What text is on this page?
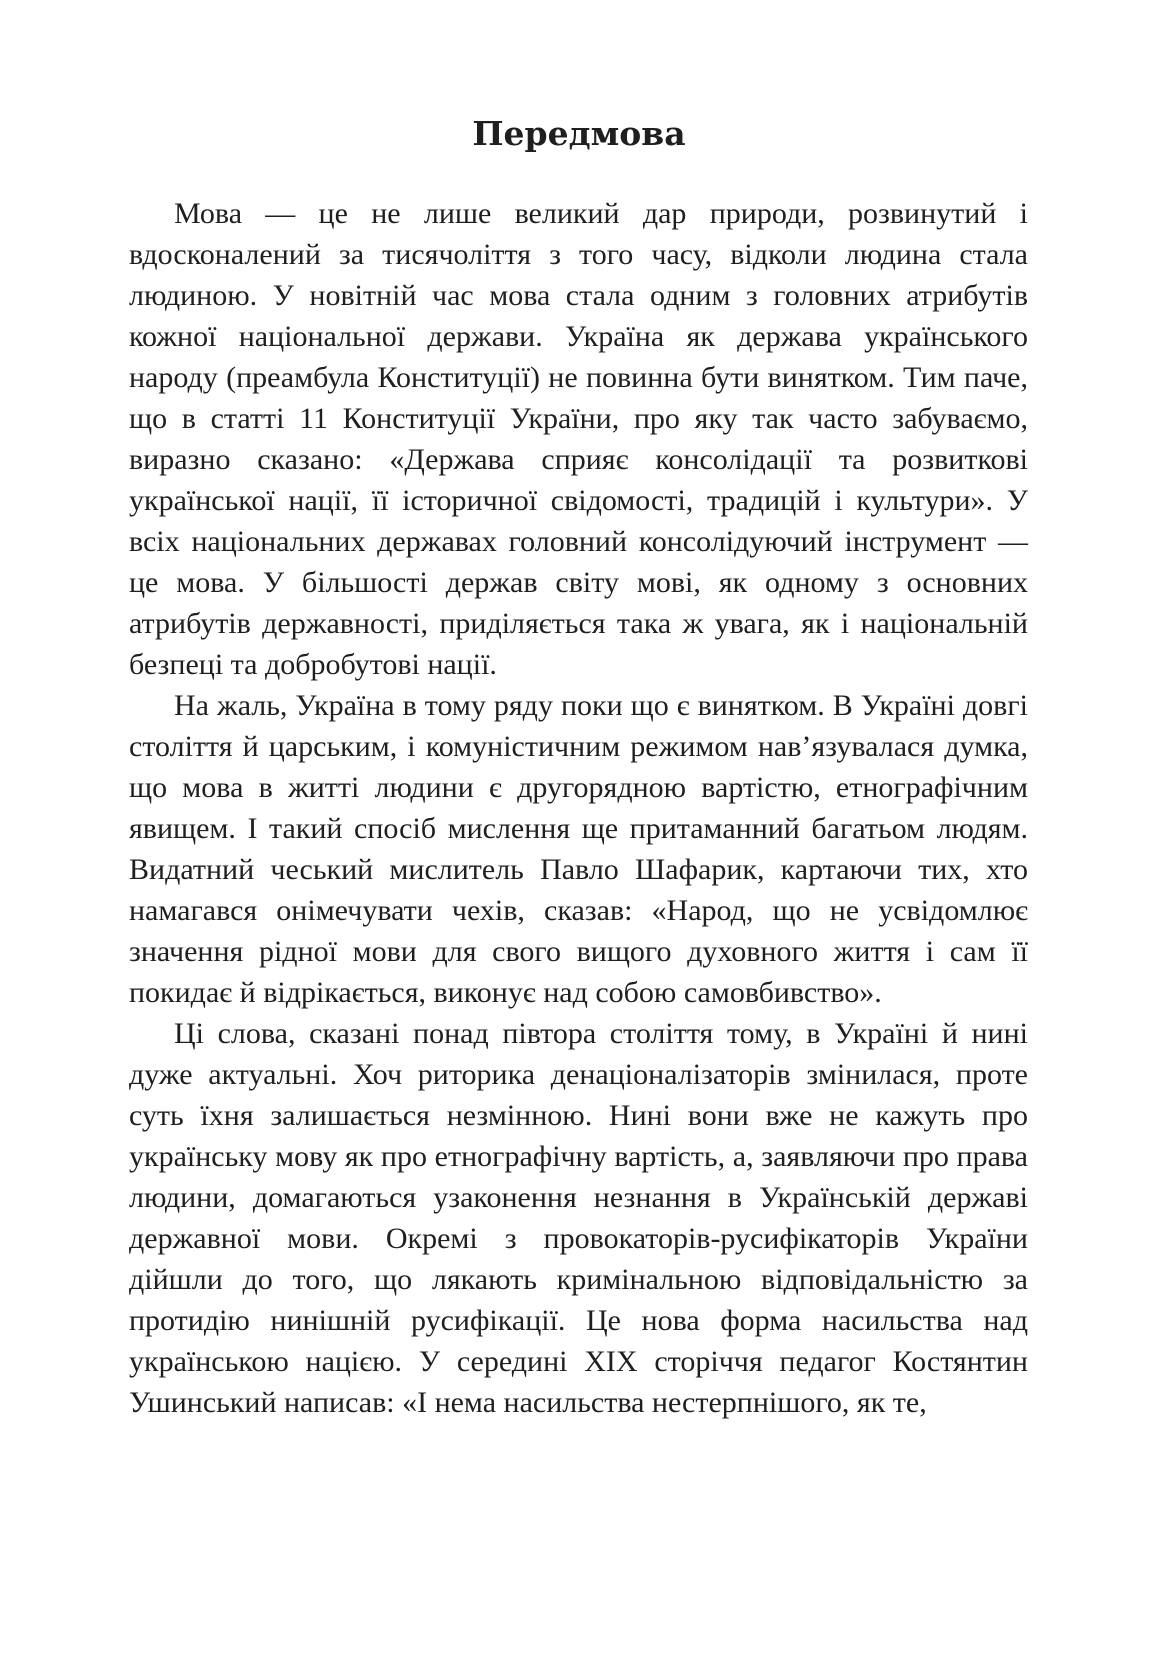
Передмова

Мова — це не лише великий дар природи, розвинутий і вдосконалений за тисячоліття з того часу, відколи людина стала людиною. У новітній час мова стала одним з головних атрибутів кожної національної держави. Україна як держава українського народу (преамбула Конституції) не повинна бути винятком. Тим паче, що в статті 11 Конституції України, про яку так часто забуваємо, виразно сказано: «Держава сприяє консолідації та розвиткові української нації, її історичної свідомості, традицій і культури». У всіх національних державах головний консолідуючий інструмент — це мова. У більшості держав світу мові, як одному з основних атрибутів державності, приділяється така ж увага, як і національній безпеці та добробутові нації.

На жаль, Україна в тому ряду поки що є винятком. В Україні довгі століття й царським, і комуністичним режимом нав’язувалася думка, що мова в житті людини є другорядною вартістю, етнографічним явищем. І такий спосіб мислення ще притаманний багатьом людям. Видатний чеський мислитель Павло Шафарик, картаючи тих, хто намагався онімечувати чехів, сказав: «Народ, що не усвідомлює значення рідної мови для свого вищого духовного життя і сам її покидає й відрікається, виконує над собою самовбивство».

Ці слова, сказані понад півтора століття тому, в Україні й нині дуже актуальні. Хоч риторика денаціоналізаторів змінилася, проте суть їхня залишається незмінною. Нині вони вже не кажуть про українську мову як про етнографічну вартість, а, заявляючи про права людини, домагаються узаконення незнання в Українській державі державної мови. Окремі з провокаторів-русифікаторів України дійшли до того, що лякають кримінальною відповідальністю за протидію нинішній русифікації. Це нова форма насильства над українською нацією. У середині XIX сторіччя педагог Костянтин Ушинський написав: «І нема насильства нестерпнішого, як те,
